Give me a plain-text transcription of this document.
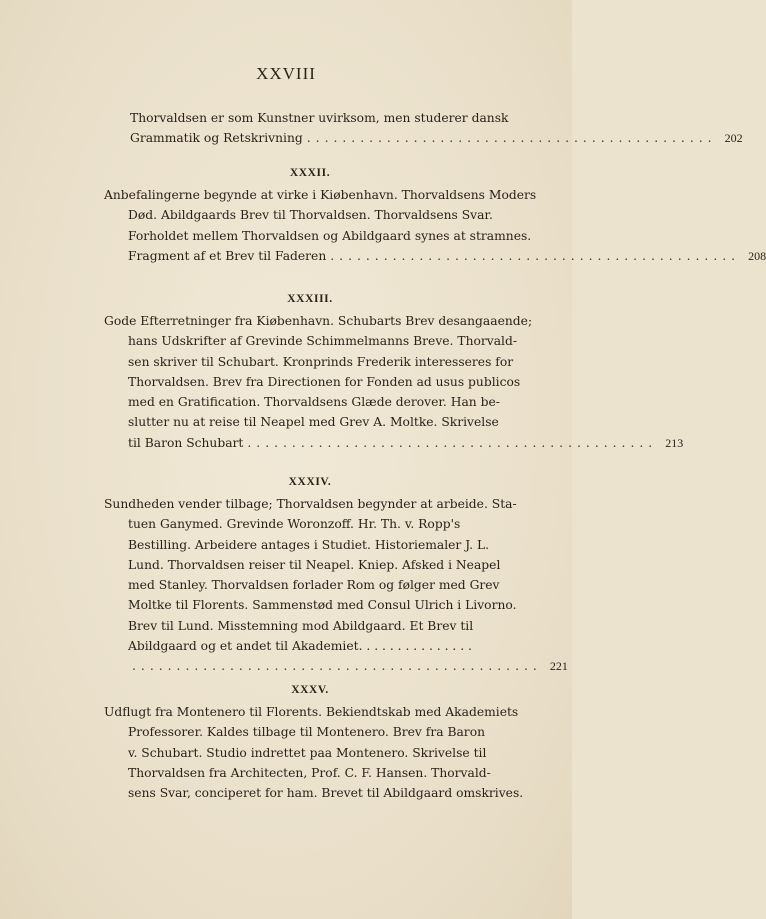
XXVIII
Thorvaldsen er som Kunstner uvirksom, men studerer dansk
Grammatik og Retskrivning .............................................. 202
XXXII.
Anbefalingerne begynde at virke i Kiøbenhavn. Thorvaldsens Moders
Død. Abildgaards Brev til Thorvaldsen. Thorvaldsens Svar.
Forholdet mellem Thorvaldsen og Abildgaard synes at stramnes.
Fragment af et Brev til Faderen .............................................. 208
XXXIII.
Gode Efterretninger fra Kiøbenhavn. Schubarts Brev desangaaende;
hans Udskrifter af Grevinde Schimmelmanns Breve. Thorvald-
sen skriver til Schubart. Kronprinds Frederik interesseres for
Thorvaldsen. Brev fra Directionen for Fonden ad usus publicos
med en Gratification. Thorvaldsens Glæde derover. Han be-
slutter nu at reise til Neapel med Grev A. Moltke. Skrivelse
til Baron Schubart .............................................. 213
XXXIV.
Sundheden vender tilbage; Thorvaldsen begynder at arbeide. Sta-
tuen Ganymed. Grevinde Woronzoff. Hr. Th. v. Ropp's
Bestilling. Arbeidere antages i Studiet. Historiemaler J. L.
Lund. Thorvaldsen reiser til Neapel. Kniep. Afsked i Neapel
med Stanley. Thorvaldsen forlader Rom og følger med Grev
Moltke til Florents. Sammenstød med Consul Ulrich i Livorno.
Brev til Lund. Misstemning mod Abildgaard. Et Brev til
Abildgaard og et andet til Akademiet. . . . . . . . . . . . . . .
.............................................. 221
XXXV.
Udflugt fra Montenero til Florents. Bekiendtskab med Akademiets
Professorer. Kaldes tilbage til Montenero. Brev fra Baron
v. Schubart. Studio indrettet paa Montenero. Skrivelse til
Thorvaldsen fra Architecten, Prof. C. F. Hansen. Thorvald-
sens Svar, conciperet for ham. Brevet til Abildgaard omskrives.
